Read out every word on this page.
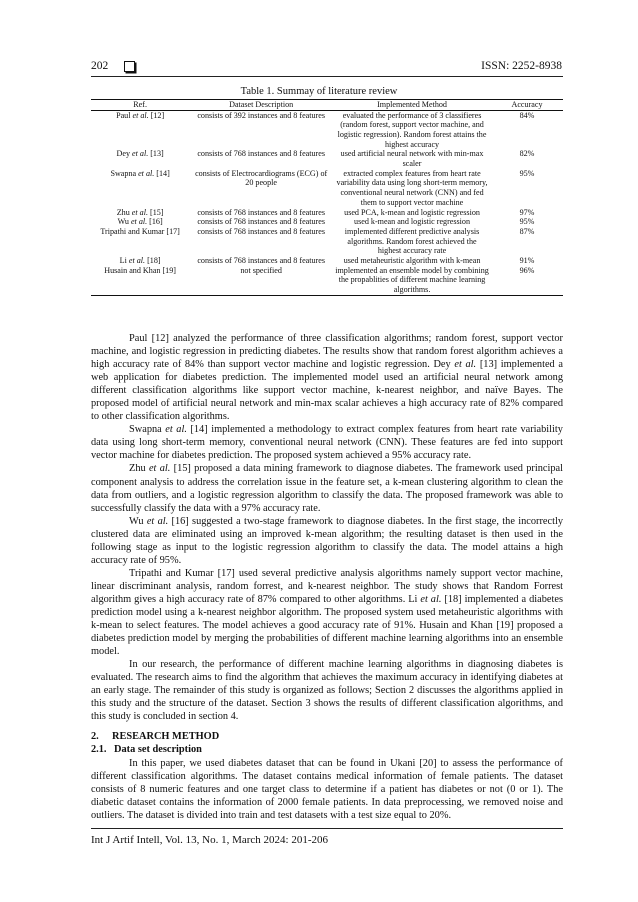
202	ISSN: 2252-8938
Table 1. Summay of literature review
Ref.	Dataset Description	Implemented Method	Accuracy
Paul et al. [12]	consists of 392 instances and 8 features	evaluated the performance of 3 classifieres (random forest, support vector machine, and logistic regression). Random forest attains the highest accuracy	84%
Dey et al. [13]	consists of 768 instances and 8 features	used artificial neural network with min-max scaler	82%
Swapna et al. [14]	consists of Electrocardiograms (ECG) of 20 people	extracted complex features from heart rate variability data using long short-term memory, conventional neural network (CNN) and fed them to support vector machine	95%
Zhu et al. [15]	consists of 768 instances and 8 features	used PCA, k-mean and logistic regression	97%
Wu et al. [16]	consists of 768 instances and 8 features	used k-mean and logistic regression	95%
Tripathi and Kumar [17]	consists of 768 instances and 8 features	implemented different predictive analysis algorithms. Random forest achieved the highest accuracy rate	87%
Li et al. [18]	consists of 768 instances and 8 features	used metaheuristic algorithm with k-mean	91%
Husain and Khan [19]	not specified	implemented an ensemble model by combining the propablities of different machine learning algorithms.	96%

Paul [12] analyzed the performance of three classification algorithms; random forest, support vector machine, and logistic regression in predicting diabetes. The results show that random forest algorithm achieves a high accuracy rate of 84% than support vector machine and logistic regression. Dey et al. [13] implemented a web application for diabetes prediction. The implemented model used an artificial neural network among different classification algorithms like support vector machine, k-nearest neighbor, and naïve Bayes. The proposed model of artificial neural network and min-max scalar achieves a high accuracy rate of 82% compared to other classification algorithms.

Swapna et al. [14] implemented a methodology to extract complex features from heart rate variability data using long short-term memory, conventional neural network (CNN). These features are fed into support vector machine for diabetes prediction. The proposed system achieved a 95% accuracy rate.

Zhu et al. [15] proposed a data mining framework to diagnose diabetes. The framework used principal component analysis to address the correlation issue in the feature set, a k-mean clustering algorithm to clean the data from outliers, and a logistic regression algorithm to classify the data. The proposed framework was able to successfully classify the data with a 97% accuracy rate.

Wu et al. [16] suggested a two-stage framework to diagnose diabetes. In the first stage, the incorrectly clustered data are eliminated using an improved k-mean algorithm; the resulting dataset is then used in the following stage as input to the logistic regression algorithm to classify the data. The model attains a high accuracy rate of 95%.

Tripathi and Kumar [17] used several predictive analysis algorithms namely support vector machine, linear discriminant analysis, random forrest, and k-nearest neighbor. The study shows that Random Forrest algorithm gives a high accuracy rate of 87% compared to other algorithms. Li et al. [18] implemented a diabetes prediction model using a k-nearest neighbor algorithm. The proposed system used metaheuristic algorithms with k-mean to select features. The model achieves a good accuracy rate of 91%. Husain and Khan [19] proposed a diabetes prediction model by merging the probabilities of different machine learning algorithms into an ensemble model.

In our research, the performance of different machine learning algorithms in diagnosing diabetes is evaluated. The research aims to find the algorithm that achieves the maximum accuracy in identifying diabetes at an early stage. The remainder of this study is organized as follows; Section 2 discusses the algorithms applied in this study and the structure of the dataset. Section 3 shows the results of different classification algorithms, and this study is concluded in section 4.

2. RESEARCH METHOD
2.1. Data set description

In this paper, we used diabetes dataset that can be found in Ukani [20] to assess the performance of different classification algorithms. The dataset contains medical information of female patients. The dataset consists of 8 numeric features and one target class to determine if a patient has diabetes or not (0 or 1). The diabetic dataset contains the information of 2000 female patients. In data preprocessing, we removed noise and outliers. The dataset is divided into train and test datasets with a test size equal to 20%.

Int J Artif Intell, Vol. 13, No. 1, March 2024: 201-206
